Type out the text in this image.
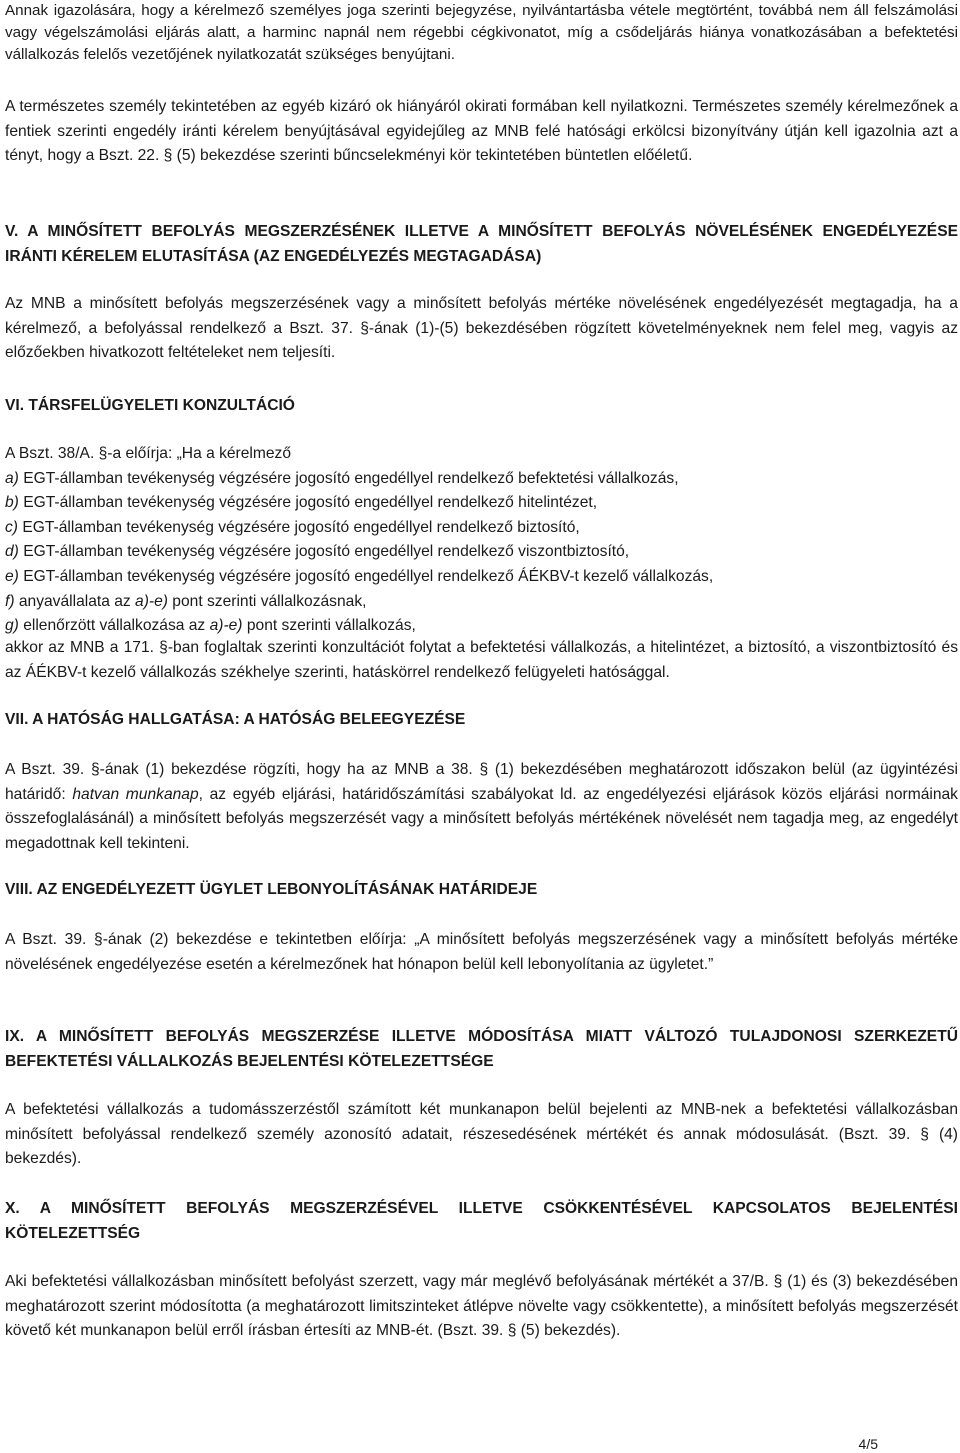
Annak igazolására, hogy a kérelmező személyes joga szerinti bejegyzése, nyilvántartásba vétele megtörtént, továbbá nem áll felszámolási vagy végelszámolási eljárás alatt, a harminc napnál nem régebbi cégkivonatot, míg a csődeljárás hiánya vonatkozásában a befektetési vállalkozás felelős vezetőjének nyilatkozatát szükséges benyújtani.

A természetes személy tekintetében az egyéb kizáró ok hiányáról okirati formában kell nyilatkozni. Természetes személy kérelmezőnek a fentiek szerinti engedély iránti kérelem benyújtásával egyidejűleg az MNB felé hatósági erkölcsi bizonyítvány útján kell igazolnia azt a tényt, hogy a Bszt. 22. § (5) bekezdése szerinti bűncselekményi kör tekintetében büntetlen előéletű.

V. A MINŐSÍTETT BEFOLYÁS MEGSZERZÉSÉNEK ILLETVE A MINŐSÍTETT BEFOLYÁS NÖVELÉSÉNEK ENGEDÉLYEZÉSE IRÁNTI KÉRELEM ELUTASÍTÁSA (AZ ENGEDÉLYEZÉS MEGTAGADÁSA)

Az MNB a minősített befolyás megszerzésének vagy a minősített befolyás mértéke növelésének engedélyezését megtagadja, ha a kérelmező, a befolyással rendelkező a Bszt. 37. §-ának (1)-(5) bekezdésében rögzített követelményeknek nem felel meg, vagyis az előzőekben hivatkozott feltételeket nem teljesíti.

VI. TÁRSFELÜGYELETI KONZULTÁCIÓ

A Bszt. 38/A. §-a előírja: „Ha a kérelmező

a) EGT-államban tevékenység végzésére jogosító engedéllyel rendelkező befektetési vállalkozás,

b) EGT-államban tevékenység végzésére jogosító engedéllyel rendelkező hitelintézet,

c) EGT-államban tevékenység végzésére jogosító engedéllyel rendelkező biztosító,

d) EGT-államban tevékenység végzésére jogosító engedéllyel rendelkező viszontbiztosító,

e) EGT-államban tevékenység végzésére jogosító engedéllyel rendelkező ÁÉKBV-t kezelő vállalkozás,

f) anyavállalata az a)-e) pont szerinti vállalkozásnak,

g) ellenőrzött vállalkozása az a)-e) pont szerinti vállalkozás,

akkor az MNB a 171. §-ban foglaltak szerinti konzultációt folytat a befektetési vállalkozás, a hitelintézet, a biztosító, a viszontbiztosító és az ÁÉKBV-t kezelő vállalkozás székhelye szerinti, hatáskörrel rendelkező felügyeleti hatósággal.

VII. A HATÓSÁG HALLGATÁSA: A HATÓSÁG BELEEGYEZÉSE

A Bszt. 39. §-ának (1) bekezdése rögzíti, hogy ha az MNB a 38. § (1) bekezdésében meghatározott időszakon belül (az ügyintézési határidő: hatvan munkanap, az egyéb eljárási, határidőszámítási szabályokat ld. az engedélyezési eljárások közös eljárási normáinak összefoglalásánál) a minősített befolyás megszerzését vagy a minősített befolyás mértékének növelését nem tagadja meg, az engedélyt megadottnak kell tekinteni.

VIII. AZ ENGEDÉLYEZETT ÜGYLET LEBONYOLÍTÁSÁNAK HATÁRIDEJE

A Bszt. 39. §-ának (2) bekezdése e tekintetben előírja: „A minősített befolyás megszerzésének vagy a minősített befolyás mértéke növelésének engedélyezése esetén a kérelmezőnek hat hónapon belül kell lebonyolítania az ügyletet.”

IX. A MINŐSÍTETT BEFOLYÁS MEGSZERZÉSE ILLETVE MÓDOSÍTÁSA MIATT VÁLTOZÓ TULAJDONOSI SZERKEZETŰ BEFEKTETÉSI VÁLLALKOZÁS BEJELENTÉSI KÖTELEZETTSÉGE

A befektetési vállalkozás a tudomásszerzéstől számított két munkanapon belül bejelenti az MNB-nek a befektetési vállalkozásban minősített befolyással rendelkező személy azonosító adatait, részesedésének mértékét és annak módosulását. (Bszt. 39. § (4) bekezdés).

X. A MINŐSÍTETT BEFOLYÁS MEGSZERZÉSÉVEL ILLETVE CSÖKKENTÉSÉVEL KAPCSOLATOS BEJELENTÉSI KÖTELEZETTSÉG

Aki befektetési vállalkozásban minősített befolyást szerzett, vagy már meglévő befolyásának mértékét a 37/B. § (1) és (3) bekezdésében meghatározott szerint módosította (a meghatározott limitszinteket átlépve növelte vagy csökkentette), a minősített befolyás megszerzését követő két munkanapon belül erről írásban értesíti az MNB-ét. (Bszt. 39. § (5) bekezdés).

4/5
